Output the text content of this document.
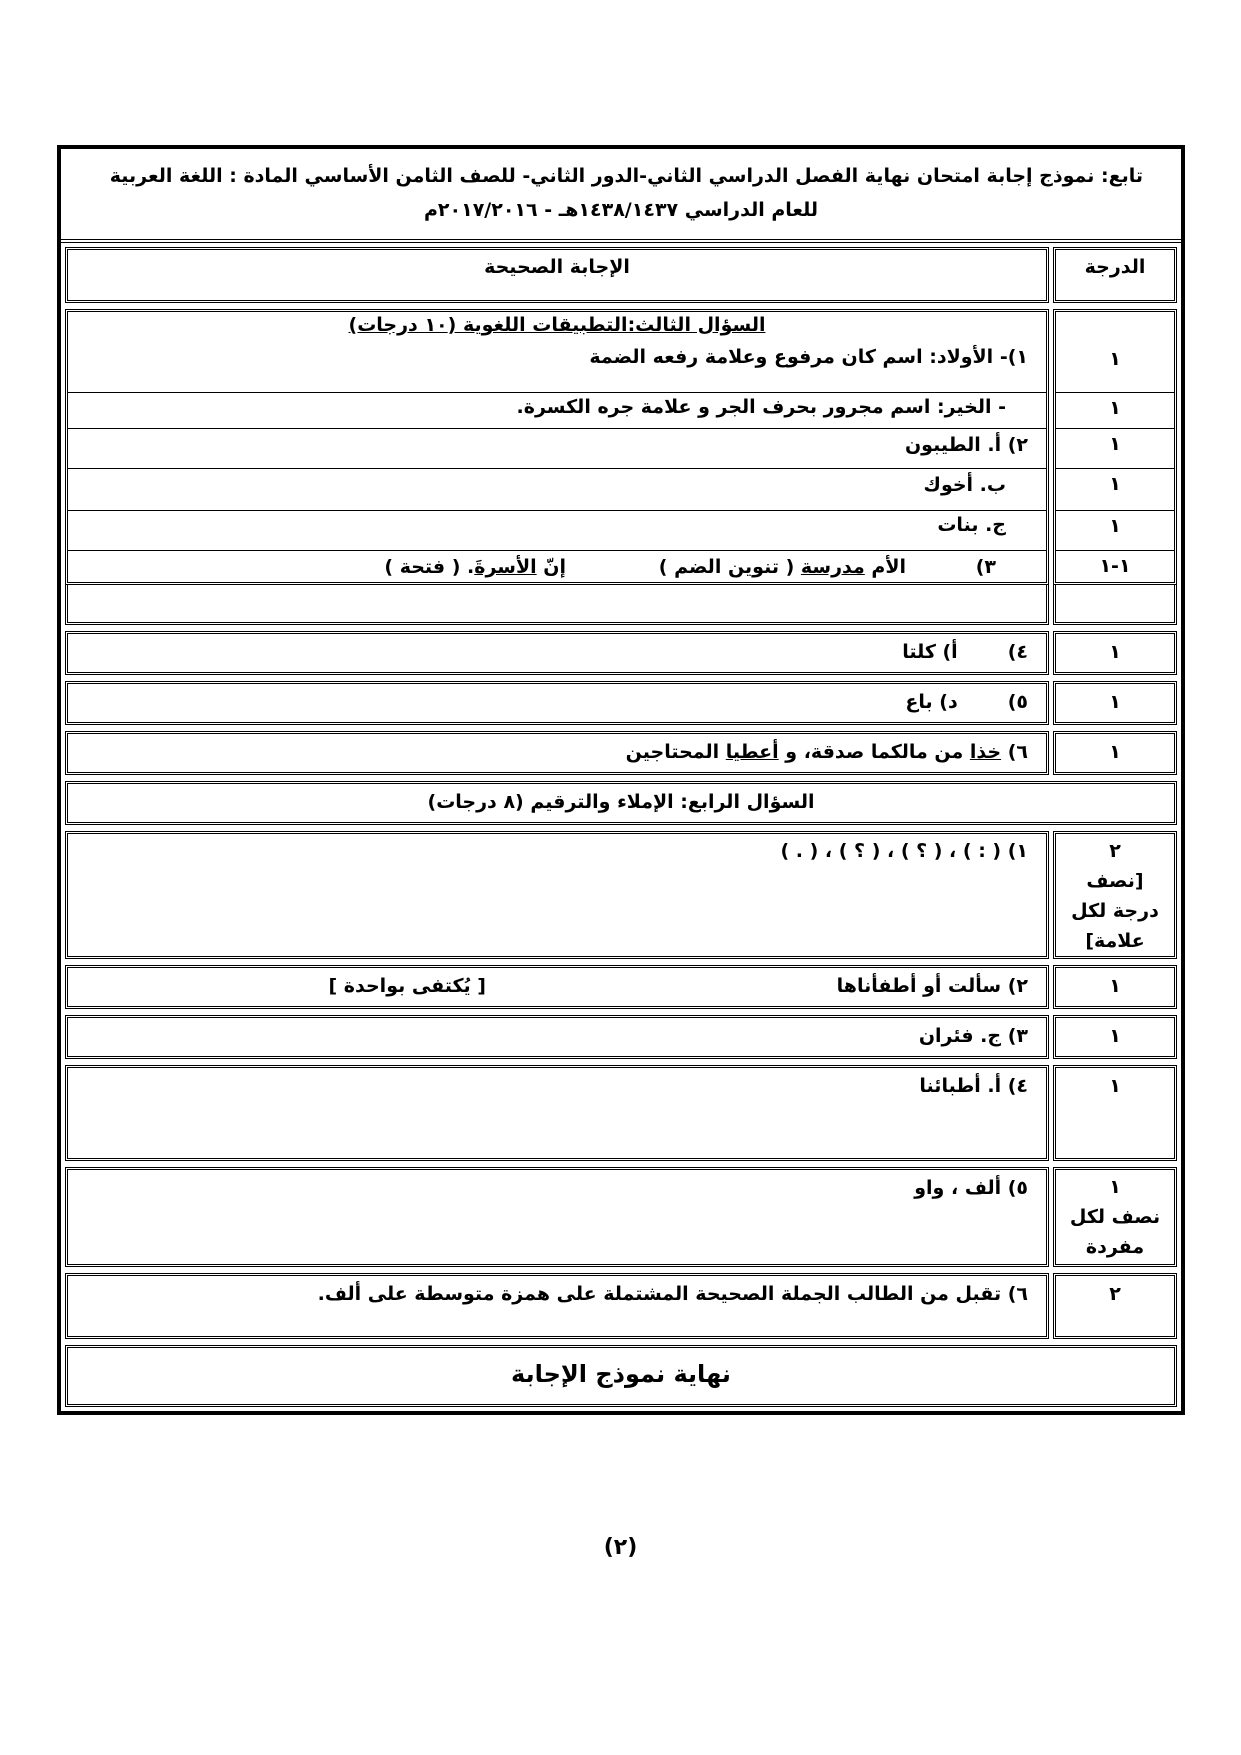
تابع: نموذج إجابة امتحان نهاية الفصل الدراسي الثاني-الدور الثاني- للصف الثامن الأساسي المادة : اللغة العربية
للعام الدراسي ١٤٣٨/١٤٣٧هـ - ٢٠١٧/٢٠١٦م
الدرجة
الإجابة الصحيحة
١
١
١
١
١
١-١
السؤال الثالث:التطبيقات اللغوية (١٠ درجات)
١)- الأولاد: اسم كان مرفوع وعلامة رفعه الضمة
- الخير: اسم مجرور بحرف الجر و علامة جره الكسرة.
٢) أ. الطيبون
ب. أخوك
ج. بنات
٣)
الأم مدرسة ( تنوين الضم )
إنّ الأسرةَ. ( فتحة )
١
٤)أ) كلتا
١
٥)د) باع
١
٦) خذا من مالكما صدقة، و أعطيا المحتاجين
السؤال الرابع: الإملاء والترقيم (٨ درجات)
٢
[نصف
درجة لكل
علامة]
١) ( : ) ، ( ؟ ) ، ( ؟ ) ، ( . )
١
٢) سألت أو أطفأناها
[ يُكتفى بواحدة ]
١
٣) ج. فئران
١
٤) أ. أطبائنا
١
نصف لكل
مفردة
٥) ألف ، واو
٢
٦) تقبل من الطالب الجملة الصحيحة المشتملة على همزة متوسطة على ألف.
نهاية نموذج الإجابة
(٢)
